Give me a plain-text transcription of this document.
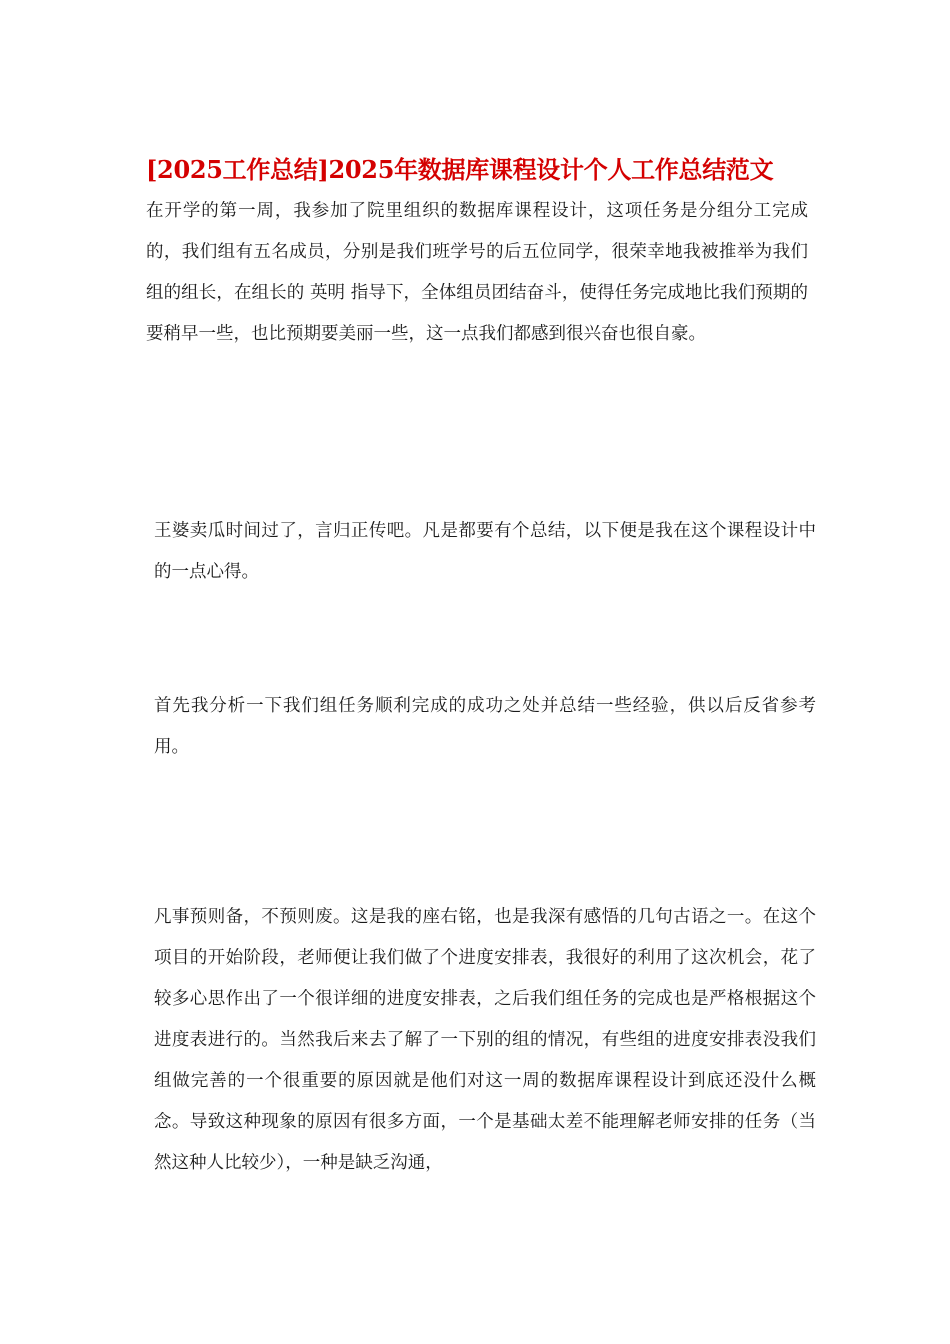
[2025工作总结]2025年数据库课程设计个人工作总结范文

在开学的第一周，我参加了院里组织的数据库课程设计，这项任务是分组分工完成的，我们组有五名成员，分别是我们班学号的后五位同学，很荣幸地我被推举为我们组的组长，在组长的 英明 指导下，全体组员团结奋斗，使得任务完成地比我们预期的要稍早一些，也比预期要美丽一些，这一点我们都感到很兴奋也很自豪。

王婆卖瓜时间过了，言归正传吧。凡是都要有个总结，以下便是我在这个课程设计中的一点心得。

首先我分析一下我们组任务顺利完成的成功之处并总结一些经验，供以后反省参考用。

凡事预则备，不预则废。这是我的座右铭，也是我深有感悟的几句古语之一。在这个项目的开始阶段，老师便让我们做了个进度安排表，我很好的利用了这次机会，花了较多心思作出了一个很详细的进度安排表，之后我们组任务的完成也是严格根据这个进度表进行的。当然我后来去了解了一下别的组的情况，有些组的进度安排表没我们组做完善的一个很重要的原因就是他们对这一周的数据库课程设计到底还没什么概念。导致这种现象的原因有很多方面，一个是基础太差不能理解老师安排的任务（当然这种人比较少），一种是缺乏沟通，
